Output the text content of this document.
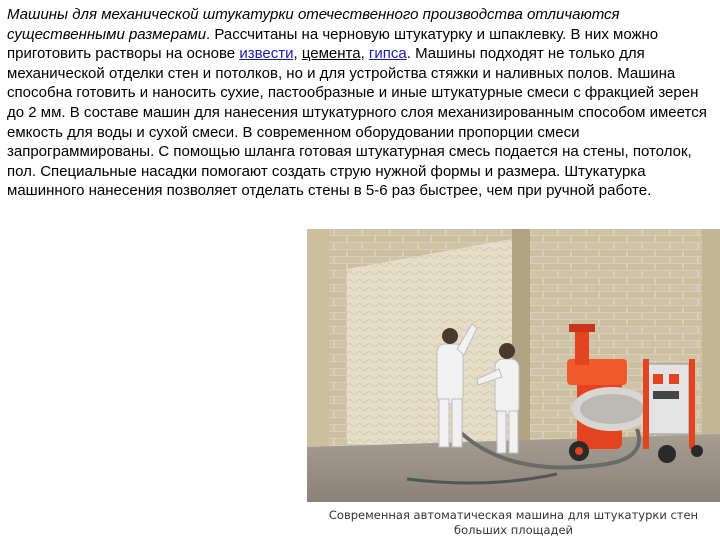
Машины для механической штукатурки отечественного производства отличаются существенными размерами. Рассчитаны на черновую штукатурку и шпаклевку. В них можно приготовить растворы на основе извести, цемента, гипса. Машины подходят не только для механической отделки стен и потолков, но и для устройства стяжки и наливных полов. Машина способна готовить и наносить сухие, пастообразные и иные штукатурные смеси с фракцией зерен до 2 мм. В составе машин для нанесения штукатурного слоя механизированным способом имеется емкость для воды и сухой смеси. В современном оборудовании пропорции смеси запрограммированы. С помощью шланга готовая штукатурная смесь подается на стены, потолок, пол. Специальные насадки помогают создать струю нужной формы и размера. Штукатурка машинного нанесения позволяет отделать стены в 5-6 раз быстрее, чем при ручной работе.

Современная автоматическая машина для штукатурки стен больших площадей
